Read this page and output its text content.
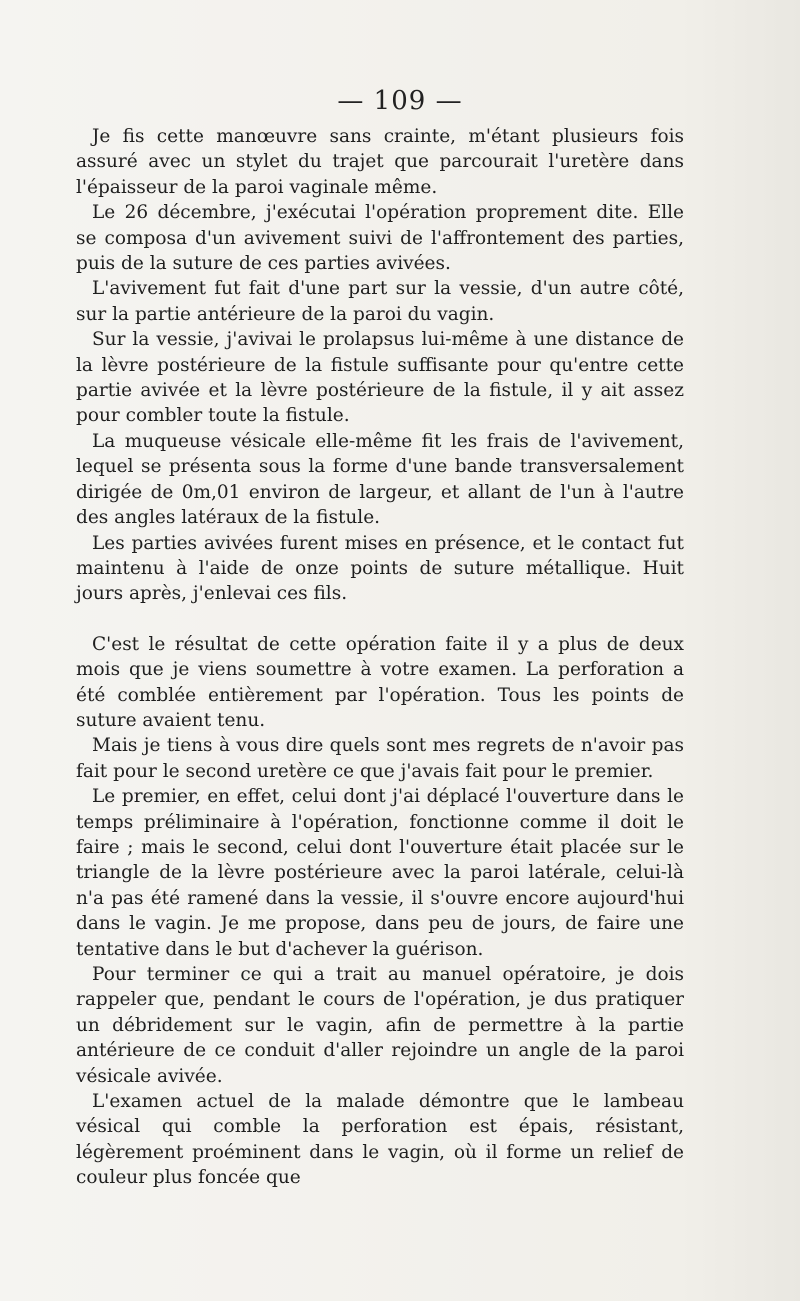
— 109 —

Je fis cette manœuvre sans crainte, m'étant plusieurs fois assuré avec un stylet du trajet que parcourait l'uretère dans l'épaisseur de la paroi vaginale même.

Le 26 décembre, j'exécutai l'opération proprement dite. Elle se composa d'un avivement suivi de l'affrontement des parties, puis de la suture de ces parties avivées.

L'avivement fut fait d'une part sur la vessie, d'un autre côté, sur la partie antérieure de la paroi du vagin.

Sur la vessie, j'avivai le prolapsus lui-même à une distance de la lèvre postérieure de la fistule suffisante pour qu'entre cette partie avivée et la lèvre postérieure de la fistule, il y ait assez pour combler toute la fistule.

La muqueuse vésicale elle-même fit les frais de l'avivement, lequel se présenta sous la forme d'une bande transversalement dirigée de 0m,01 environ de largeur, et allant de l'un à l'autre des angles latéraux de la fistule.

Les parties avivées furent mises en présence, et le contact fut maintenu à l'aide de onze points de suture métallique. Huit jours après, j'enlevai ces fils.

C'est le résultat de cette opération faite il y a plus de deux mois que je viens soumettre à votre examen. La perforation a été comblée entièrement par l'opération. Tous les points de suture avaient tenu.

Mais je tiens à vous dire quels sont mes regrets de n'avoir pas fait pour le second uretère ce que j'avais fait pour le premier.

Le premier, en effet, celui dont j'ai déplacé l'ouverture dans le temps préliminaire à l'opération, fonctionne comme il doit le faire ; mais le second, celui dont l'ouverture était placée sur le triangle de la lèvre postérieure avec la paroi latérale, celui-là n'a pas été ramené dans la vessie, il s'ouvre encore aujourd'hui dans le vagin. Je me propose, dans peu de jours, de faire une tentative dans le but d'achever la guérison.

Pour terminer ce qui a trait au manuel opératoire, je dois rappeler que, pendant le cours de l'opération, je dus pratiquer un débridement sur le vagin, afin de permettre à la partie antérieure de ce conduit d'aller rejoindre un angle de la paroi vésicale avivée.

L'examen actuel de la malade démontre que le lambeau vésical qui comble la perforation est épais, résistant, légèrement proéminent dans le vagin, où il forme un relief de couleur plus foncée que
